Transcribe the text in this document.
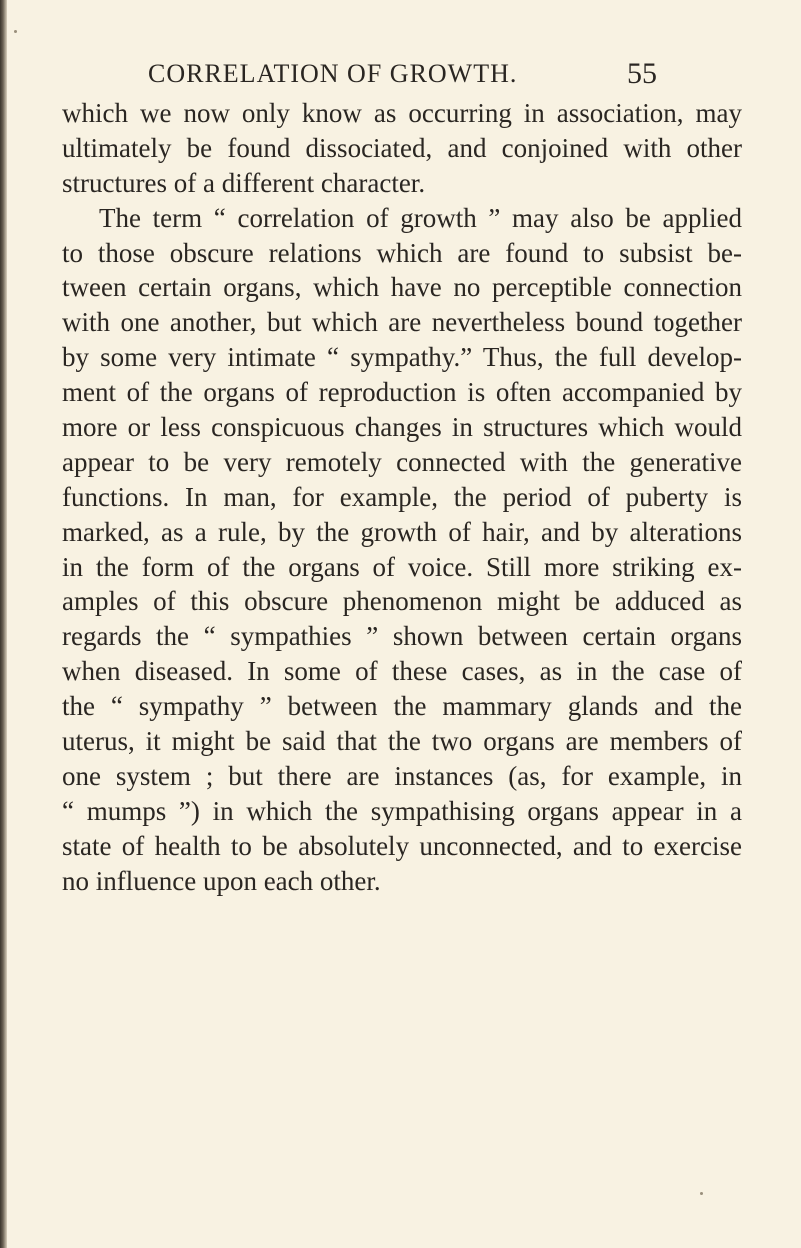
CORRELATION OF GROWTH.	55
which we now only know as occurring in association, may
ultimately be found dissociated, and conjoined with other
structures of a different character.
The term “ correlation of growth ” may also be applied
to those obscure relations which are found to subsist be-
tween certain organs, which have no perceptible connection
with one another, but which are nevertheless bound together
by some very intimate “ sympathy.” Thus, the full develop-
ment of the organs of reproduction is often accompanied by
more or less conspicuous changes in structures which would
appear to be very remotely connected with the generative
functions. In man, for example, the period of puberty is
marked, as a rule, by the growth of hair, and by alterations
in the form of the organs of voice. Still more striking ex-
amples of this obscure phenomenon might be adduced as
regards the “ sympathies ” shown between certain organs
when diseased. In some of these cases, as in the case of
the “ sympathy ” between the mammary glands and the
uterus, it might be said that the two organs are members of
one system ; but there are instances (as, for example, in
“ mumps ”) in which the sympathising organs appear in a
state of health to be absolutely unconnected, and to exercise
no influence upon each other.
